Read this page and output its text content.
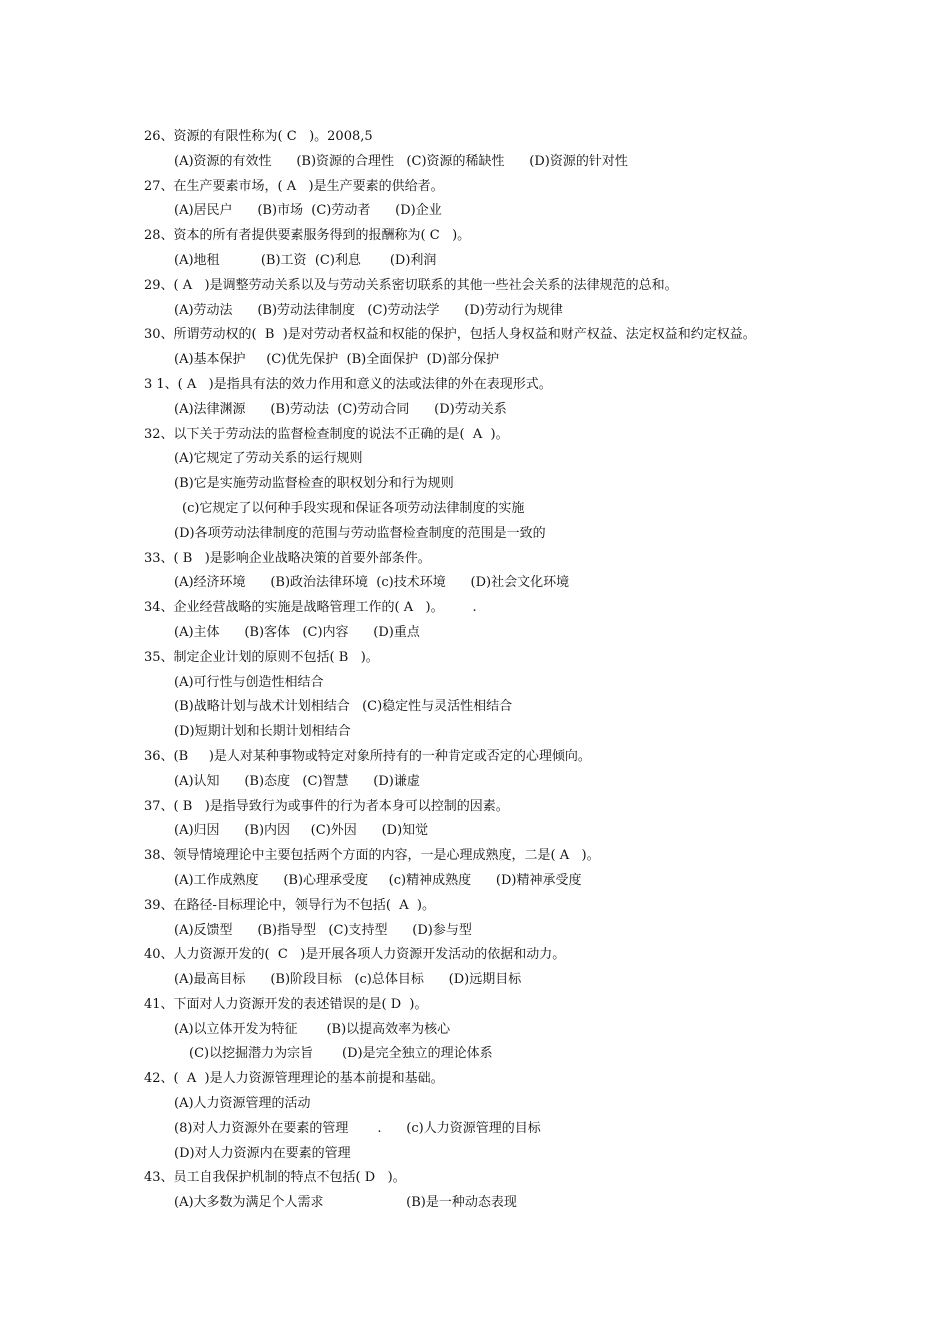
26、资源的有限性称为( C   )。2008,5
(A)资源的有效性      (B)资源的合理性   (C)资源的稀缺性      (D)资源的针对性
27、在生产要素市场，( A   )是生产要素的供给者。
(A)居民户      (B)市场  (C)劳动者      (D)企业
28、资本的所有者提供要素服务得到的报酬称为( C   )。
(A)地租          (B)工资  (C)利息       (D)利润
29、( A   )是调整劳动关系以及与劳动关系密切联系的其他一些社会关系的法律规范的总和。
(A)劳动法      (B)劳动法律制度   (C)劳动法学      (D)劳动行为规律
30、所谓劳动权的(  B  )是对劳动者权益和权能的保护，包括人身权益和财产权益、法定权益和约定权益。
(A)基本保护     (C)优先保护  (B)全面保护  (D)部分保护
3 1、( A   )是指具有法的效力作用和意义的法或法律的外在表现形式。
(A)法律渊源      (B)劳动法  (C)劳动合同      (D)劳动关系
32、以下关于劳动法的监督检查制度的说法不正确的是(  A  )。
(A)它规定了劳动关系的运行规则
(B)它是实施劳动监督检查的职权划分和行为规则
(c)它规定了以何种手段实现和保证各项劳动法律制度的实施
(D)各项劳动法律制度的范围与劳动监督检查制度的范围是一致的
33、( B   )是影响企业战略决策的首要外部条件。
(A)经济环境      (B)政治法律环境  (c)技术环境      (D)社会文化环境
34、企业经营战略的实施是战略管理工作的( A   )。       .
(A)主体      (B)客体   (C)内容      (D)重点
35、制定企业计划的原则不包括( B   )。
(A)可行性与创造性相结合
(B)战略计划与战术计划相结合   (C)稳定性与灵活性相结合
(D)短期计划和长期计划相结合
36、(B     )是人对某种事物或特定对象所持有的一种肯定或否定的心理倾向。
(A)认知      (B)态度   (C)智慧      (D)谦虚
37、( B   )是指导致行为或事件的行为者本身可以控制的因素。
(A)归因      (B)内因     (C)外因      (D)知觉
38、领导情境理论中主要包括两个方面的内容，一是心理成熟度，二是( A   )。
(A)工作成熟度      (B)心理承受度     (c)精神成熟度      (D)精神承受度
39、在路径-目标理论中，领导行为不包括(  A  )。
(A)反馈型      (B)指导型   (C)支持型      (D)参与型
40、人力资源开发的(  C   )是开展各项人力资源开发活动的依据和动力。
(A)最高目标      (B)阶段目标   (c)总体目标      (D)远期目标
41、下面对人力资源开发的表述错误的是( D  )。
(A)以立体开发为特征       (B)以提高效率为核心
(C)以挖掘潜力为宗旨       (D)是完全独立的理论体系
42、(  A  )是人力资源管理理论的基本前提和基础。
(A)人力资源管理的活动
(8)对人力资源外在要素的管理       .      (c)人力资源管理的目标
(D)对人力资源内在要素的管理
43、员工自我保护机制的特点不包括( D   )。
(A)大多数为满足个人需求                    (B)是一种动态表现
